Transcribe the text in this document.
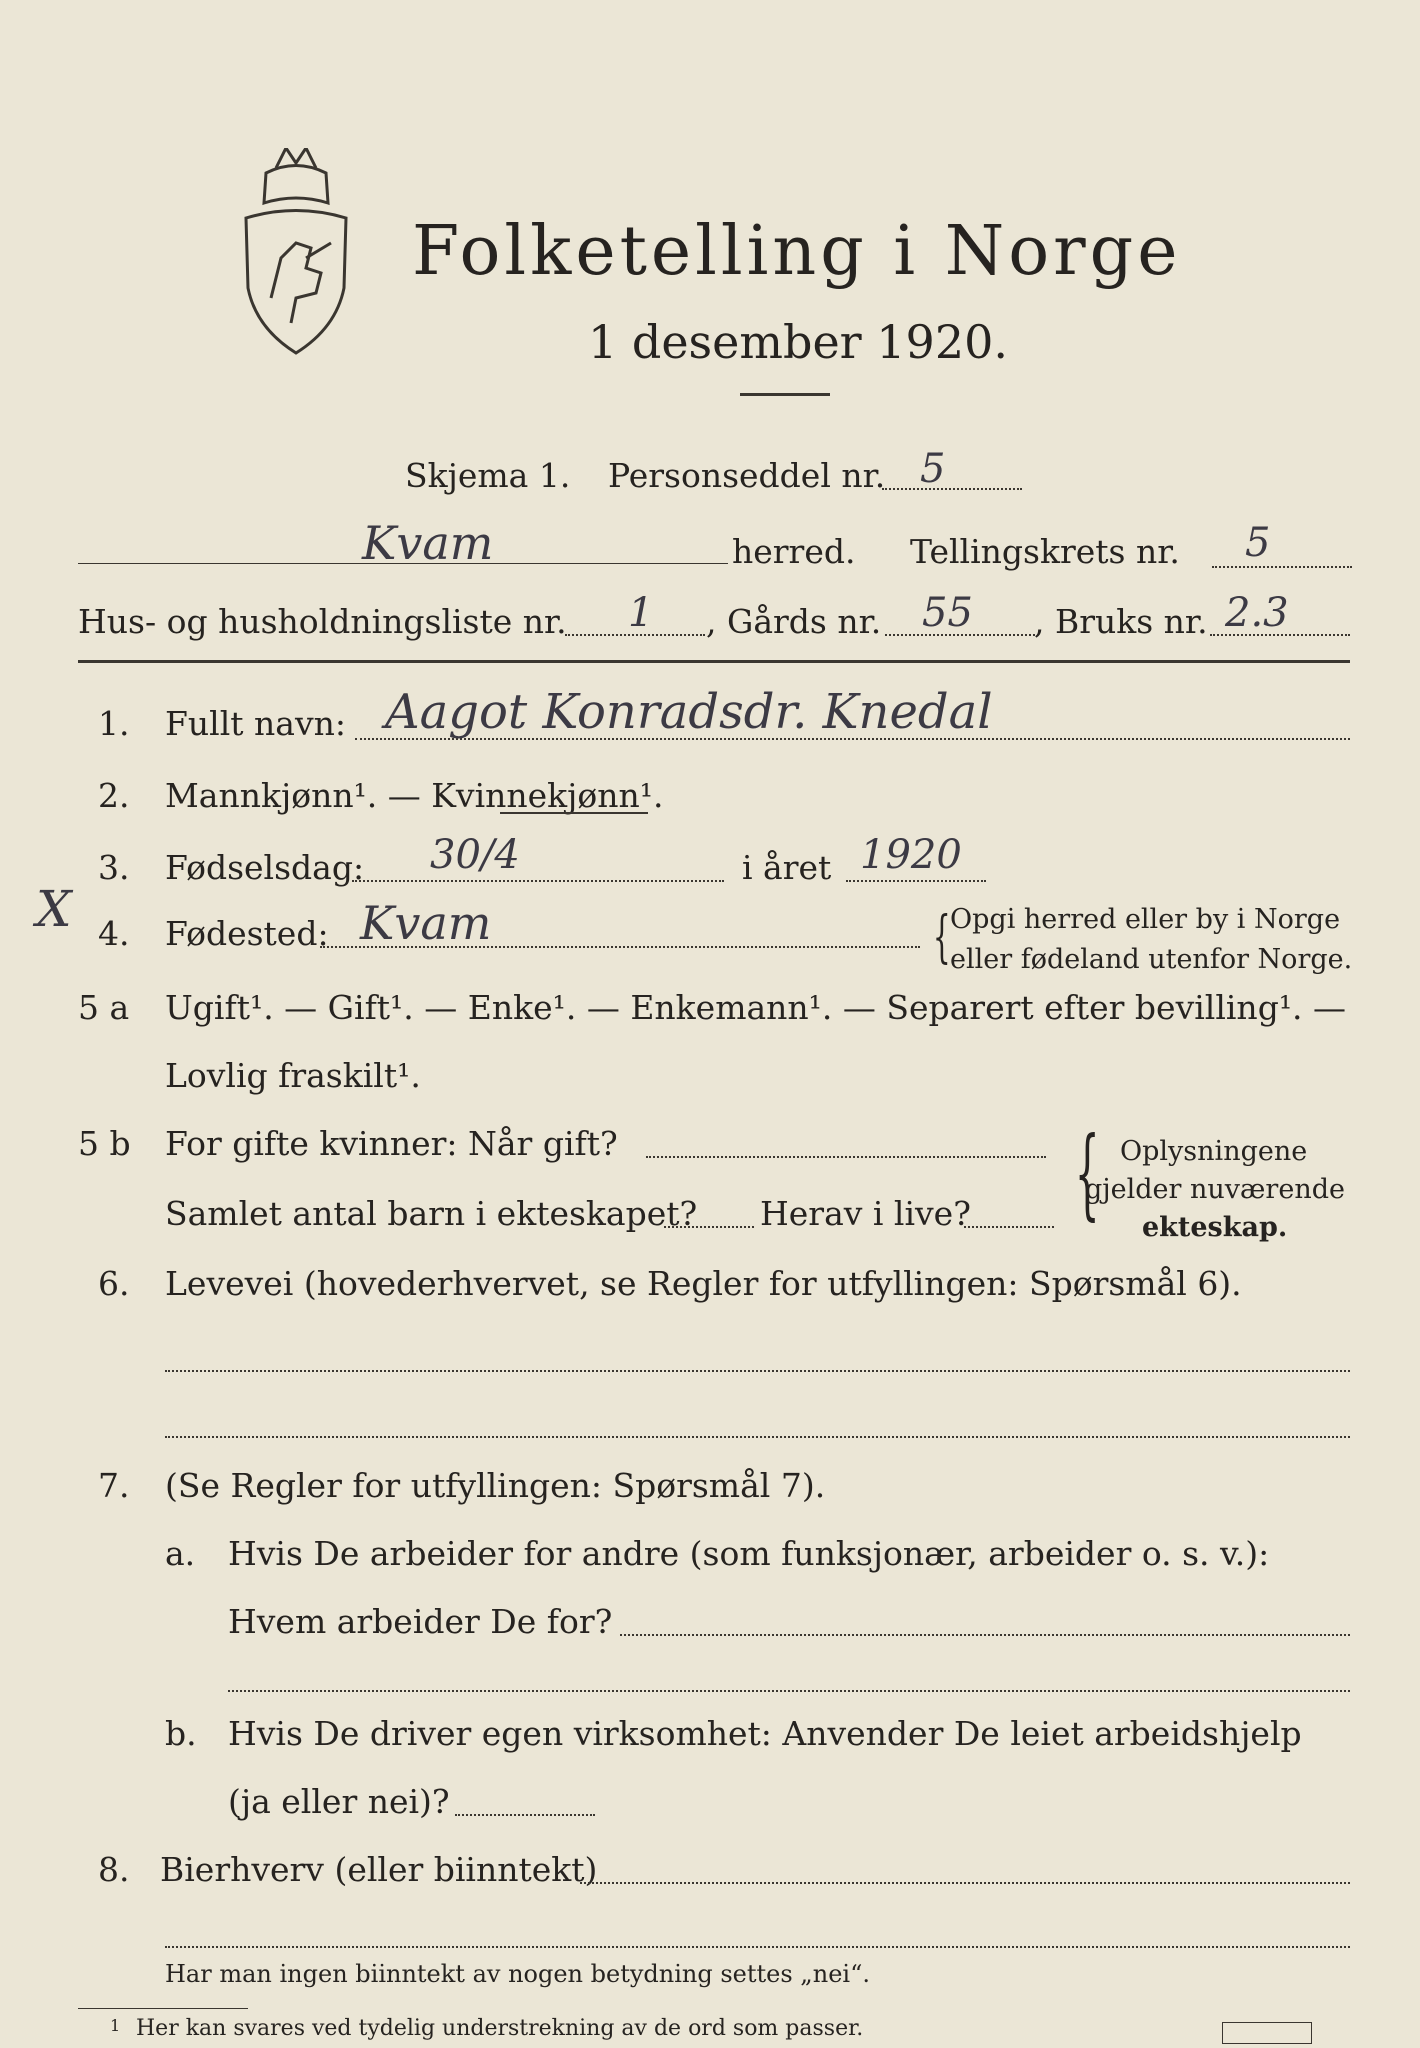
Folketelling i Norge
1 desember 1920.
Skjema 1. Personseddel nr. 5
Kvam	herred. Tellingskrets nr. 5
Hus- og husholdningsliste nr. 1 , Gårds nr. 55 , Bruks nr. 2.3
1. Fullt navn: Aagot Konradsdr. Knedal
2. Mannkjønn¹. — Kvinnekjønn¹.
3. Fødselsdag: 30/4	i året 1920
X 4. Fødested: Kvam	{ Opgi herred eller by i Norge
eller fødeland utenfor Norge.
5 a Ugift¹. — Gift¹. — Enke¹. — Enkemann¹. — Separert efter bevilling¹. —
Lovlig fraskilt¹.
5 b For gifte kvinner: Når gift?
Samlet antal barn i ekteskapet? Herav i live? { Oplysningene
gjelder nuværende
ekteskap.
6. Levevei (hovederhvervet, se Regler for utfyllingen: Spørsmål 6).
7. (Se Regler for utfyllingen: Spørsmål 7).
a. Hvis De arbeider for andre (som funksjonær, arbeider o. s. v.):
Hvem arbeider De for?
b. Hvis De driver egen virksomhet: Anvender De leiet arbeidshjelp
(ja eller nei)?
8. Bierhverv (eller biinntekt)
Har man ingen biinntekt av nogen betydning settes „nei“.
1 Her kan svares ved tydelig understrekning av de ord som passer.
